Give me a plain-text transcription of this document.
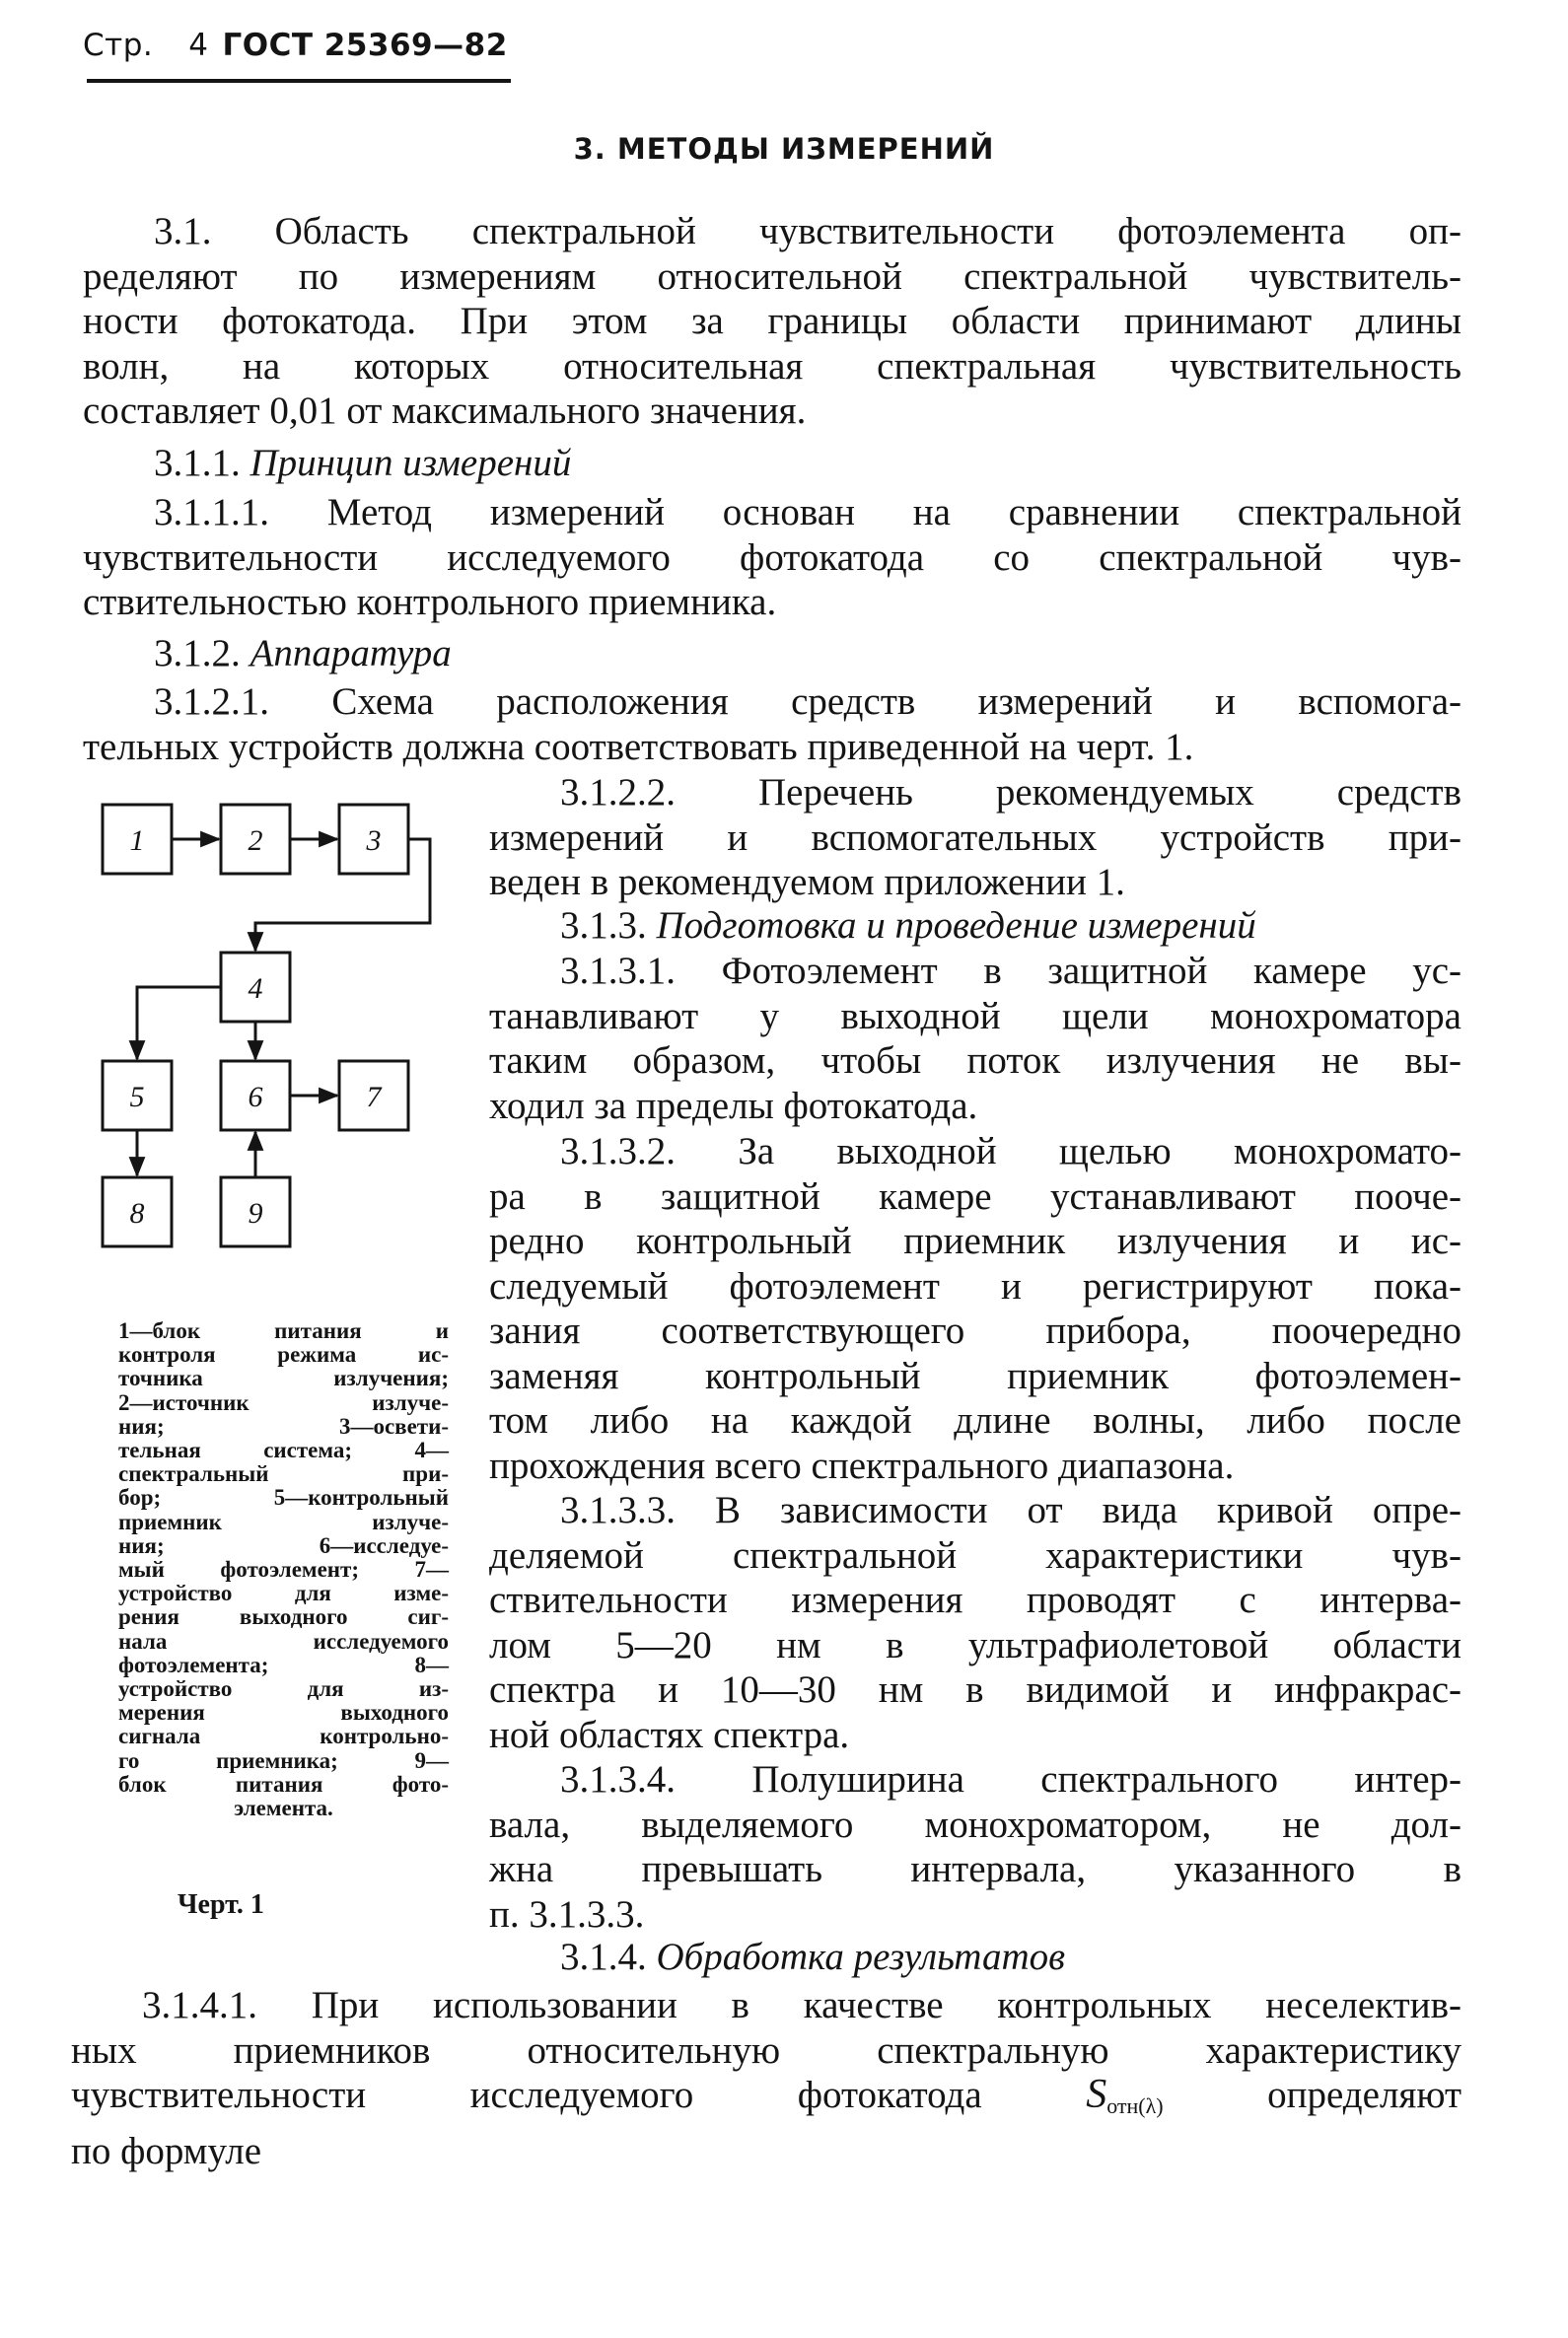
Стр. 4 ГОСТ 25369—82
3. МЕТОДЫ ИЗМЕРЕНИЙ
3.1. Область спектральной чувствительности фотоэлемента оп-
ределяют по измерениям относительной спектральной чувствитель-
ности фотокатода. При этом за границы области принимают длины
волн, на которых относительная спектральная чувствительность
составляет 0,01 от максимального значения.
3.1.1. Принцип измерений
3.1.1.1. Метод измерений основан на сравнении спектральной
чувствительности исследуемого фотокатода со спектральной чув-
ствительностью контрольного приемника.
3.1.2. Аппаратура
3.1.2.1. Схема расположения средств измерений и вспомога-
тельных устройств должна соответствовать приведенной на черт. 1.
3.1.2.2. Перечень рекомендуемых средств
измерений и вспомогательных устройств при-
веден в рекомендуемом приложении 1.
3.1.3. Подготовка и проведение измерений
3.1.3.1. Фотоэлемент в защитной камере ус-
танавливают у выходной щели монохроматора
таким образом, чтобы поток излучения не вы-
ходил за пределы фотокатода.
3.1.3.2. За выходной щелью монохромато-
ра в защитной камере устанавливают пооче-
редно контрольный приемник излучения и ис-
следуемый фотоэлемент и регистрируют пока-
зания соответствующего прибора, поочередно
заменяя контрольный приемник фотоэлемен-
том либо на каждой длине волны, либо после
прохождения всего спектрального диапазона.
3.1.3.3. В зависимости от вида кривой опре-
деляемой спектральной характеристики чув-
ствительности измерения проводят с интерва-
лом 5—20 нм в ультрафиолетовой области
спектра и 10—30 нм в видимой и инфракрас-
ной областях спектра.
3.1.3.4. Полуширина спектрального интер-
вала, выделяемого монохроматором, не дол-
жна превышать интервала, указанного в
п. 3.1.3.3.
3.1.4. Обработка результатов
1	2	3
4
5	6	7
8	9
1—блок питания и
контроля режима ис-
точника излучения;
2—источник излуче-
ния; 3—освети-
тельная система; 4—
спектральный при-
бор; 5—контрольный
приемник излуче-
ния; 6—исследуе-
мый фотоэлемент; 7—
устройство для изме-
рения выходного сиг-
нала исследуемого
фотоэлемента; 8—
устройство для из-
мерения выходного
сигнала контрольно-
го приемника; 9—
блок питания фото-
элемента.
Черт. 1
3.1.4.1. При использовании в качестве контрольных неселектив-
ных приемников относительную спектральную характеристику
чувствительности исследуемого фотокатода	$S_{отн(\lambda)}$	определяют
по формуле
